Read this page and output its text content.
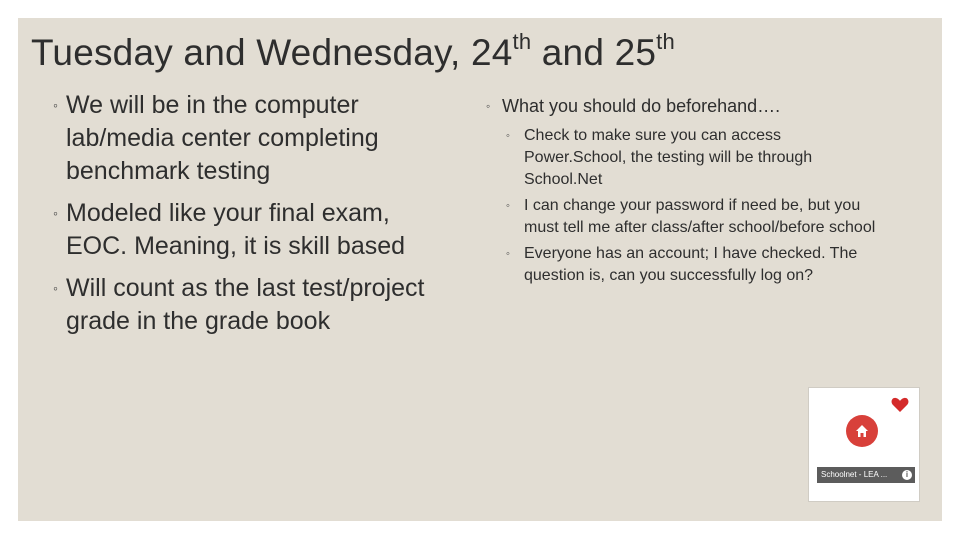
Tuesday and Wednesday, 24th and 25th
◦ We will be in the computer lab/media center completing benchmark testing
◦ Modeled like your final exam, EOC. Meaning, it is skill based
◦ Will count as the last test/project grade in the grade book
◦ What you should do beforehand….
◦ Check to make sure you can access Power.School, the testing will be through School.Net
◦ I can change your password if need be, but you must tell me after class/after school/before school
◦ Everyone has an account; I have checked. The question is, can you successfully log on?
Schoolnet - LEA ...	i
